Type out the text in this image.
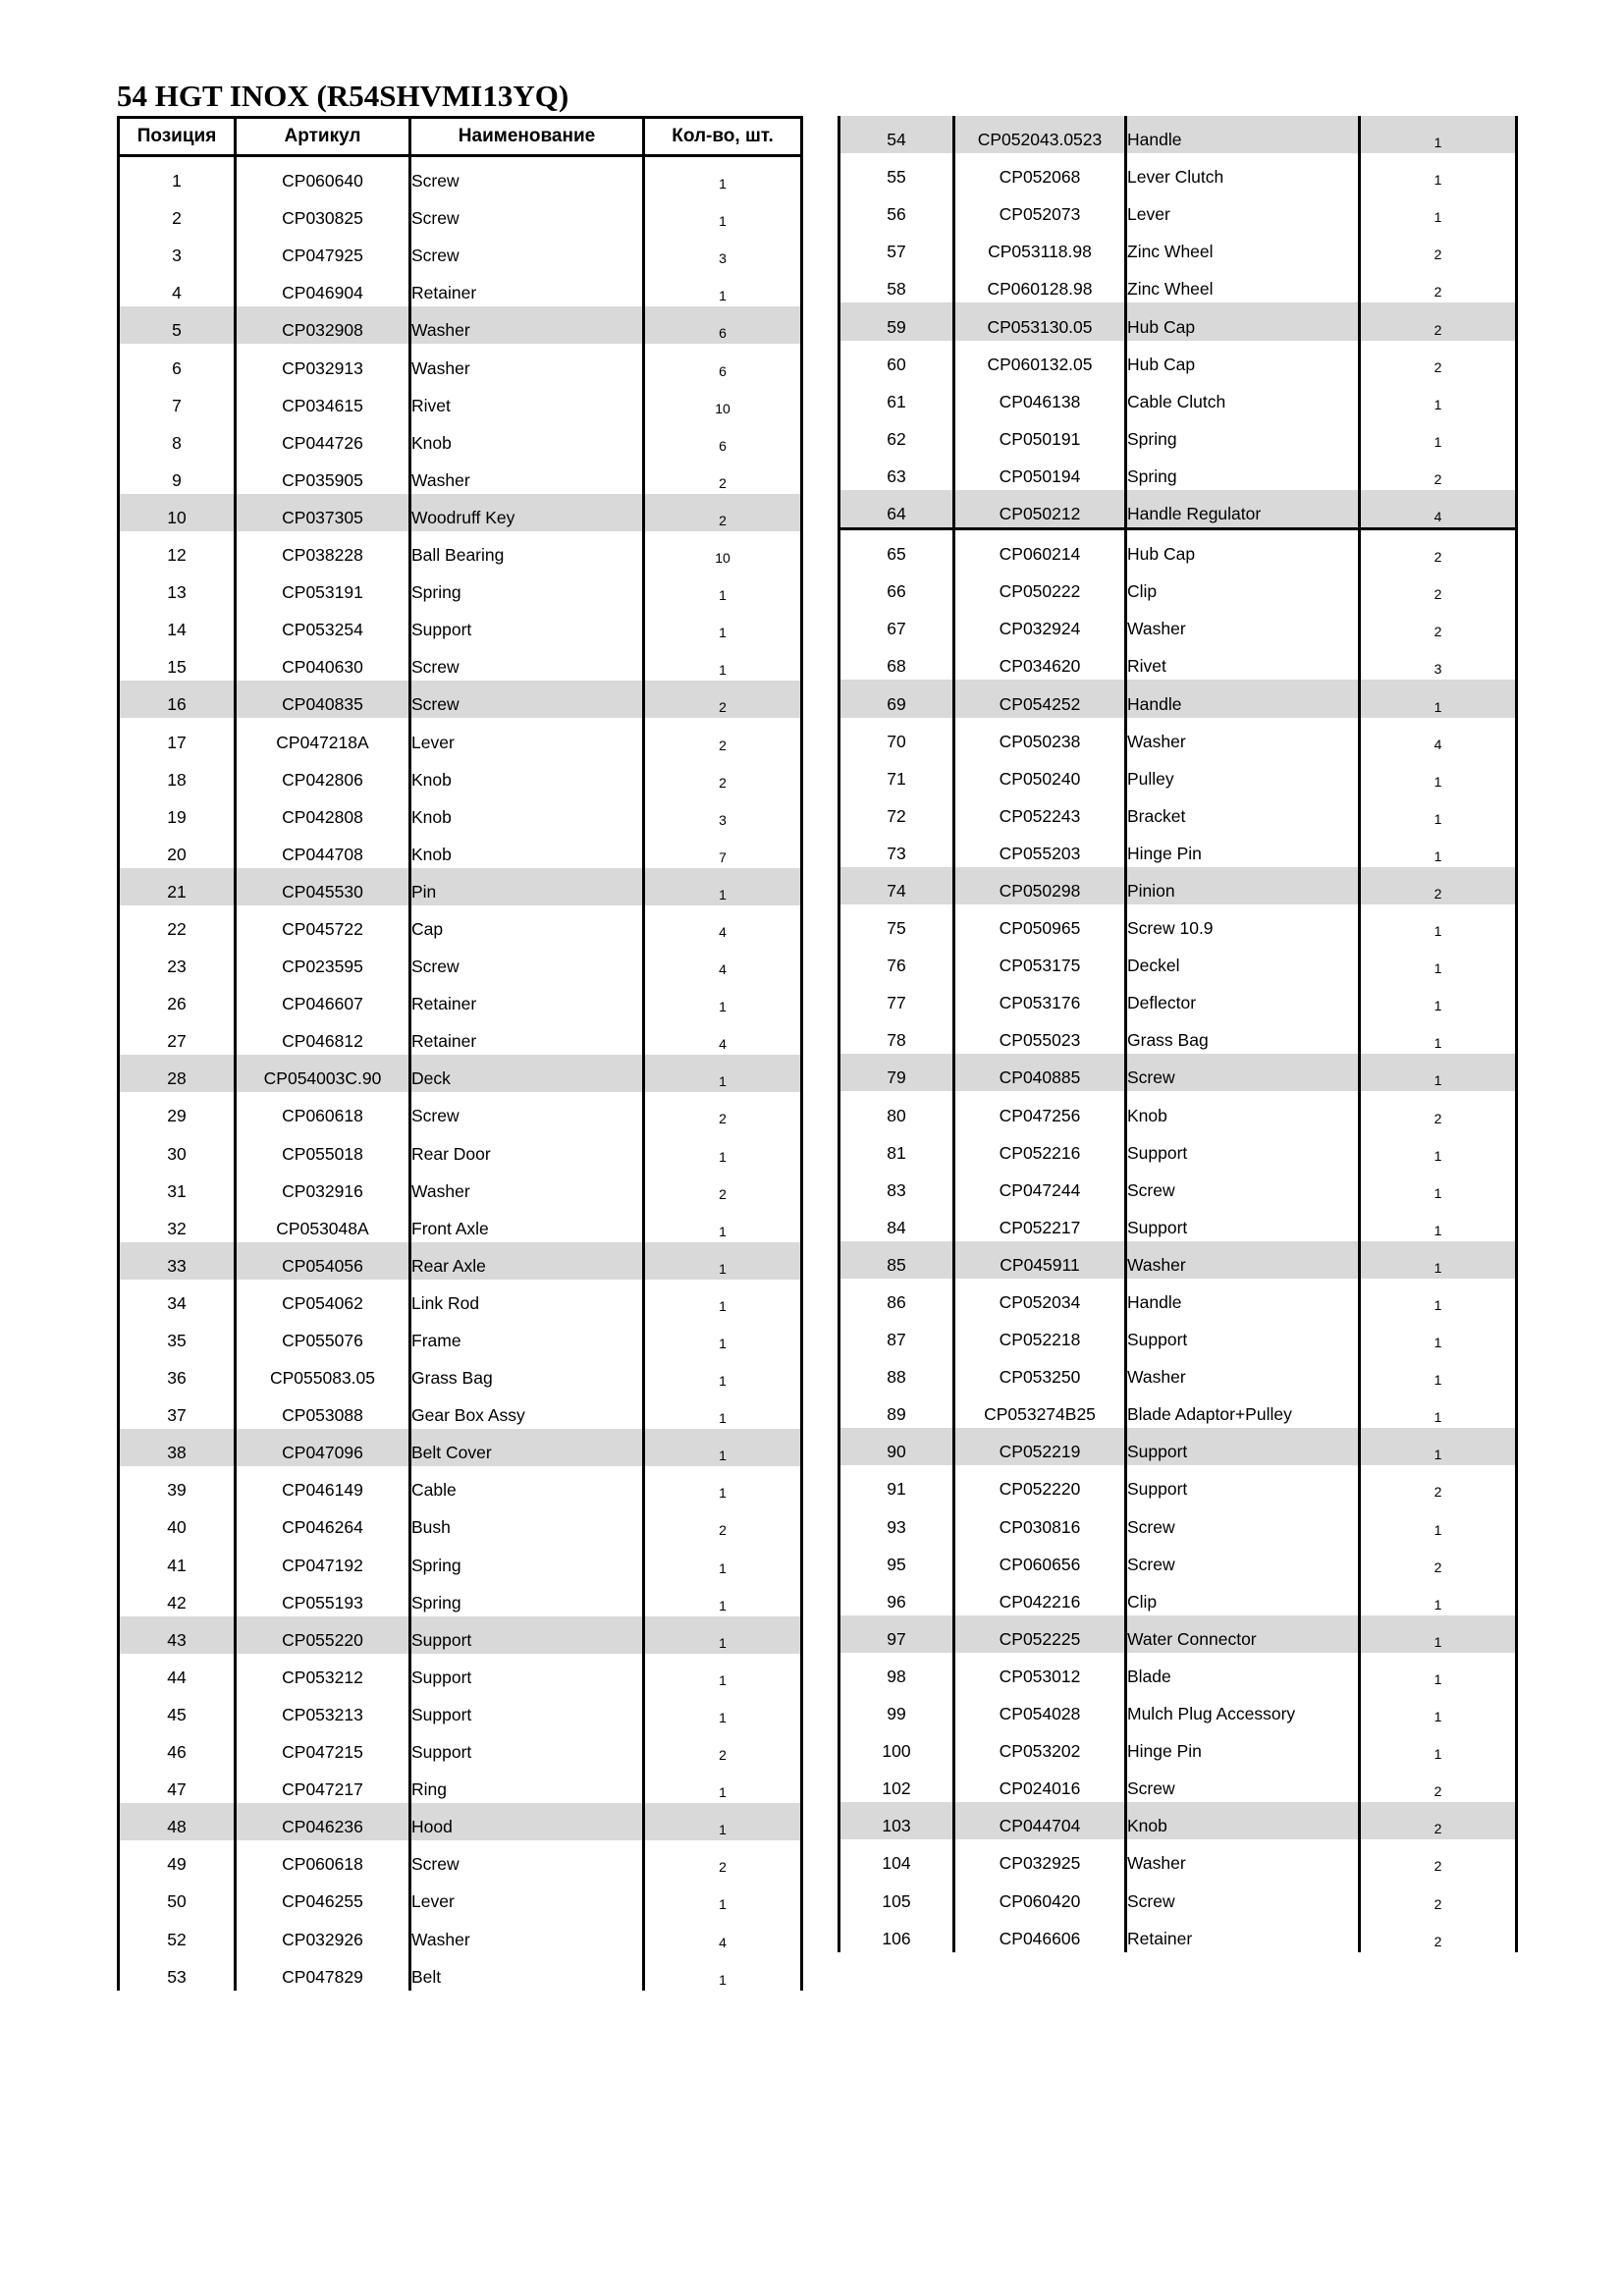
54 HGT INOX (R54SHVMI13YQ)
Позиция	Артикул	Наименование	Кол-во, шт.
1	CP060640	Screw	1
2	CP030825	Screw	1
3	CP047925	Screw	3
4	CP046904	Retainer	1
5	CP032908	Washer	6
6	CP032913	Washer	6
7	CP034615	Rivet	10
8	CP044726	Knob	6
9	CP035905	Washer	2
10	CP037305	Woodruff Key	2
12	CP038228	Ball Bearing	10
13	CP053191	Spring	1
14	CP053254	Support	1
15	CP040630	Screw	1
16	CP040835	Screw	2
17	CP047218A	Lever	2
18	CP042806	Knob	2
19	CP042808	Knob	3
20	CP044708	Knob	7
21	CP045530	Pin	1
22	CP045722	Cap	4
23	CP023595	Screw	4
26	CP046607	Retainer	1
27	CP046812	Retainer	4
28	CP054003C.90	Deck	1
29	CP060618	Screw	2
30	CP055018	Rear Door	1
31	CP032916	Washer	2
32	CP053048A	Front Axle	1
33	CP054056	Rear Axle	1
34	CP054062	Link Rod	1
35	CP055076	Frame	1
36	CP055083.05	Grass Bag	1
37	CP053088	Gear Box Assy	1
38	CP047096	Belt Cover	1
39	CP046149	Cable	1
40	CP046264	Bush	2
41	CP047192	Spring	1
42	CP055193	Spring	1
43	CP055220	Support	1
44	CP053212	Support	1
45	CP053213	Support	1
46	CP047215	Support	2
47	CP047217	Ring	1
48	CP046236	Hood	1
49	CP060618	Screw	2
50	CP046255	Lever	1
52	CP032926	Washer	4
53	CP047829	Belt	1
54	CP052043.0523	Handle	1
55	CP052068	Lever Clutch	1
56	CP052073	Lever	1
57	CP053118.98	Zinc Wheel	2
58	CP060128.98	Zinc Wheel	2
59	CP053130.05	Hub Cap	2
60	CP060132.05	Hub Cap	2
61	CP046138	Cable Clutch	1
62	CP050191	Spring	1
63	CP050194	Spring	2
64	CP050212	Handle Regulator	4
65	CP060214	Hub Cap	2
66	CP050222	Clip	2
67	CP032924	Washer	2
68	CP034620	Rivet	3
69	CP054252	Handle	1
70	CP050238	Washer	4
71	CP050240	Pulley	1
72	CP052243	Bracket	1
73	CP055203	Hinge Pin	1
74	CP050298	Pinion	2
75	CP050965	Screw 10.9	1
76	CP053175	Deckel	1
77	CP053176	Deflector	1
78	CP055023	Grass Bag	1
79	CP040885	Screw	1
80	CP047256	Knob	2
81	CP052216	Support	1
83	CP047244	Screw	1
84	CP052217	Support	1
85	CP045911	Washer	1
86	CP052034	Handle	1
87	CP052218	Support	1
88	CP053250	Washer	1
89	CP053274B25	Blade Adaptor+Pulley	1
90	CP052219	Support	1
91	CP052220	Support	2
93	CP030816	Screw	1
95	CP060656	Screw	2
96	CP042216	Clip	1
97	CP052225	Water Connector	1
98	CP053012	Blade	1
99	CP054028	Mulch Plug Accessory	1
100	CP053202	Hinge Pin	1
102	CP024016	Screw	2
103	CP044704	Knob	2
104	CP032925	Washer	2
105	CP060420	Screw	2
106	CP046606	Retainer	2
